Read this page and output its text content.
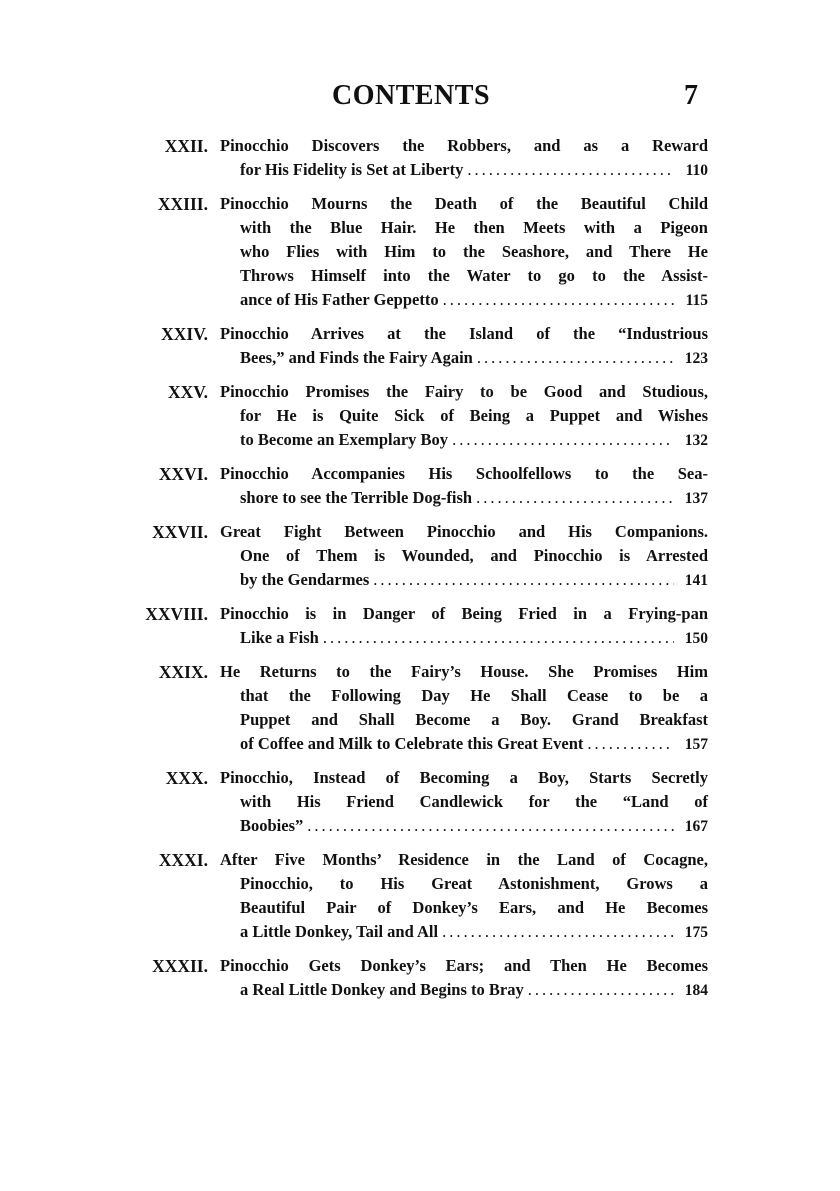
CONTENTS	7
XXII. Pinocchio Discovers the Robbers, and as a Reward
for His Fidelity is Set at Liberty .....	110
XXIII. Pinocchio Mourns the Death of the Beautiful Child
with the Blue Hair. He then Meets with a Pigeon
who Flies with Him to the Seashore, and There He
Throws Himself into the Water to go to the Assist-
ance of His Father Geppetto .....	115
XXIV. Pinocchio Arrives at the Island of the “Industrious
Bees,” and Finds the Fairy Again .....	123
XXV. Pinocchio Promises the Fairy to be Good and Studious,
for He is Quite Sick of Being a Puppet and Wishes
to Become an Exemplary Boy .....	132
XXVI. Pinocchio Accompanies His Schoolfellows to the Sea-
shore to see the Terrible Dog-fish .....	137
XXVII. Great Fight Between Pinocchio and His Companions.
One of Them is Wounded, and Pinocchio is Arrested
by the Gendarmes .....	141
XXVIII. Pinocchio is in Danger of Being Fried in a Frying-pan
Like a Fish .....	150
XXIX. He Returns to the Fairy’s House. She Promises Him
that the Following Day He Shall Cease to be a
Puppet and Shall Become a Boy. Grand Breakfast
of Coffee and Milk to Celebrate this Great Event .....	157
XXX. Pinocchio, Instead of Becoming a Boy, Starts Secretly
with His Friend Candlewick for the “Land of
Boobies” .....	167
XXXI. After Five Months’ Residence in the Land of Cocagne,
Pinocchio, to His Great Astonishment, Grows a
Beautiful Pair of Donkey’s Ears, and He Becomes
a Little Donkey, Tail and All .....	175
XXXII. Pinocchio Gets Donkey’s Ears; and Then He Becomes
a Real Little Donkey and Begins to Bray .....	184
